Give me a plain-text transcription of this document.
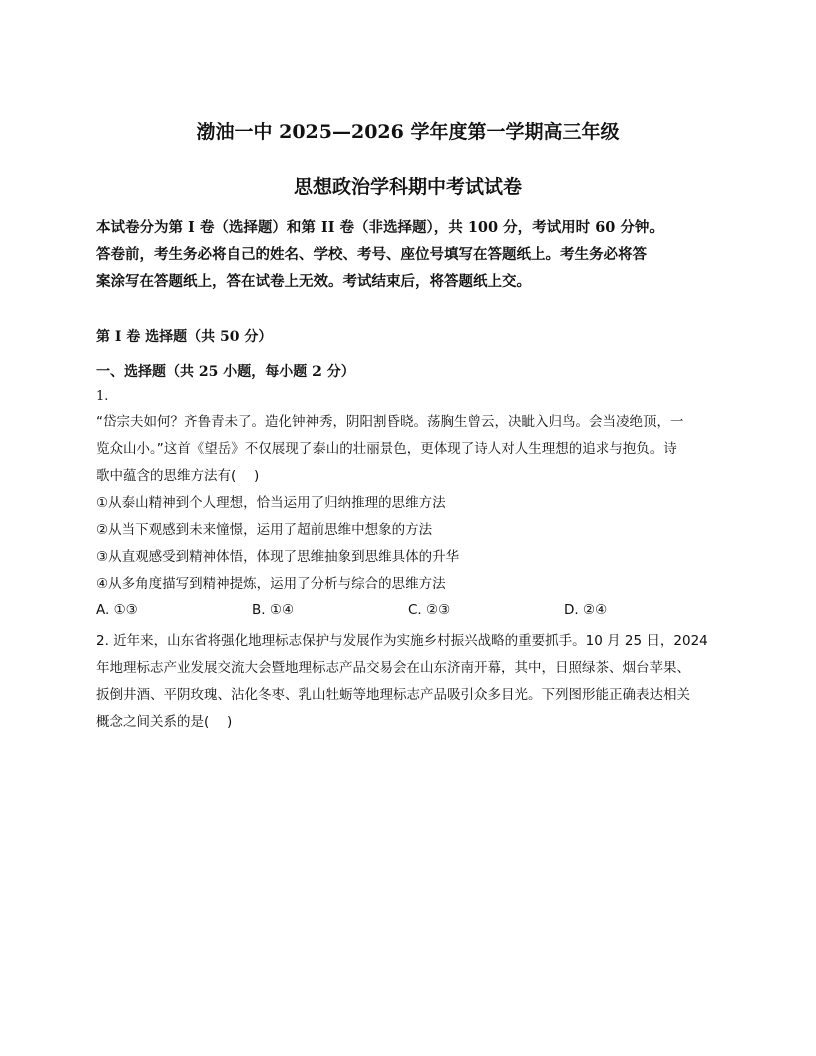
渤油一中 2025—2026 学年度第一学期高三年级
思想政治学科期中考试试卷
本试卷分为第 I 卷（选择题）和第 II 卷（非选择题），共 100 分，考试用时 60 分钟。
答卷前，考生务必将自己的姓名、学校、考号、座位号填写在答题纸上。考生务必将答
案涂写在答题纸上，答在试卷上无效。考试结束后，将答题纸上交。
第 I 卷 选择题（共 50 分）
一、选择题（共 25 小题，每小题 2 分）
1.
“岱宗夫如何？齐鲁青未了。造化钟神秀，阴阳割昏晓。荡胸生曾云，决眦入归鸟。会当凌绝顶，一
览众山小。”这首《望岳》不仅展现了泰山的壮丽景色，更体现了诗人对人生理想的追求与抱负。诗
歌中蕴含的思维方法有(　 )
①从泰山精神到个人理想，恰当运用了归纳推理的思维方法
②从当下观感到未来憧憬，运用了超前思维中想象的方法
③从直观感受到精神体悟，体现了思维抽象到思维具体的升华
④从多角度描写到精神提炼，运用了分析与综合的思维方法
A. ①③	B. ①④	C. ②③	D. ②④
2. 近年来，山东省将强化地理标志保护与发展作为实施乡村振兴战略的重要抓手。10 月 25 日，2024
年地理标志产业发展交流大会暨地理标志产品交易会在山东济南开幕，其中，日照绿茶、烟台苹果、
扳倒井酒、平阴玫瑰、沾化冬枣、乳山牡蛎等地理标志产品吸引众多目光。下列图形能正确表达相关
概念之间关系的是(　 )
